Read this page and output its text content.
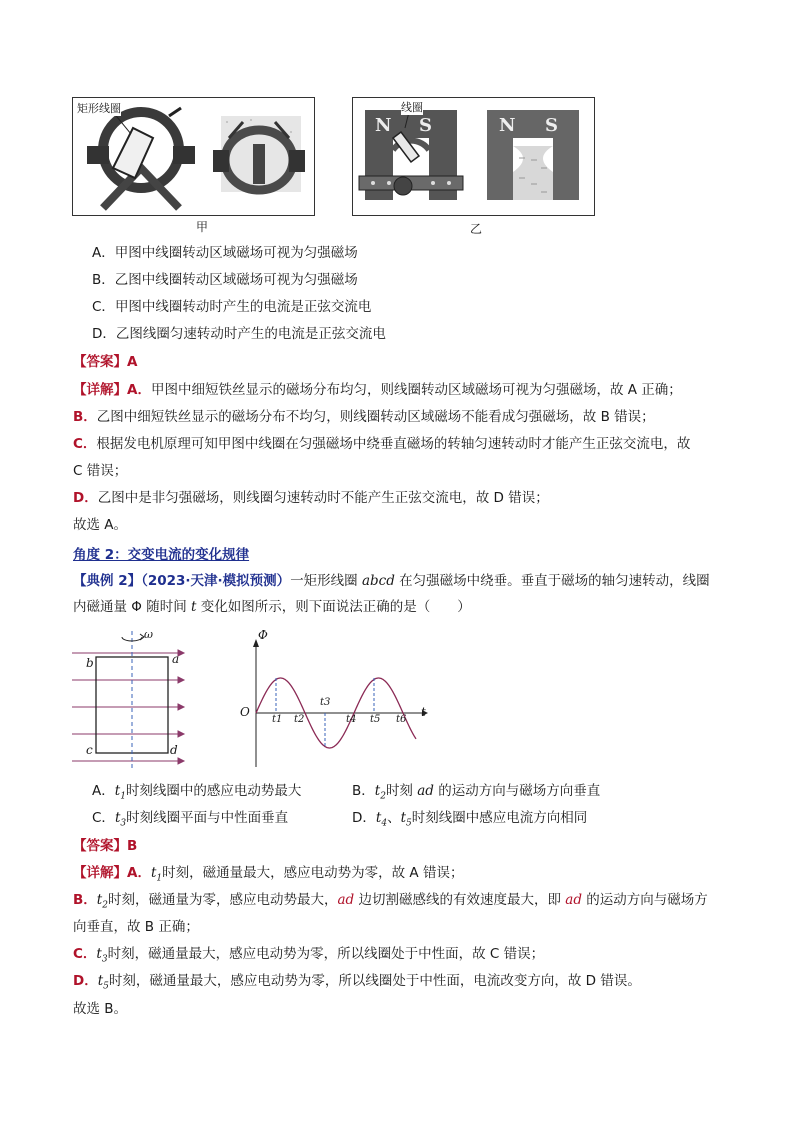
矩形线圈
甲
N S	N S
线圈
乙
A．甲图中线圈转动区域磁场可视为匀强磁场
B．乙图中线圈转动区域磁场可视为匀强磁场
C．甲图中线圈转动时产生的电流是正弦交流电
D．乙图线圈匀速转动时产生的电流是正弦交流电
【答案】A
【详解】A．甲图中细短铁丝显示的磁场分布均匀，则线圈转动区域磁场可视为匀强磁场，故 A 正确；
B．乙图中细短铁丝显示的磁场分布不均匀，则线圈转动区域磁场不能看成匀强磁场，故 B 错误；
C．根据发电机原理可知甲图中线圈在匀强磁场中绕垂直磁场的转轴匀速转动时才能产生正弦交流电，故
C 错误；
D．乙图中是非匀强磁场，则线圈匀速转动时不能产生正弦交流电，故 D 错误；
故选 A。
角度 2：交变电流的变化规律
【典例 2】（2023·天津·模拟预测）一矩形线圈 abcd 在匀强磁场中绕垂。垂直于磁场的轴匀速转动，线圈
内磁通量 Φ 随时间 t 变化如图所示，则下面说法正确的是（　　）
ω
a
b
c	d
Φ
t
O
t1 t2
t3
t4 t5 t6
A．$t_1$时刻线圈中的感应电动势最大	B．$t_2$时刻 ad 的运动方向与磁场方向垂直
C．$t_3$时刻线圈平面与中性面垂直	D．$t_4$、$t_5$时刻线圈中感应电流方向相同
【答案】B
【详解】A．$t_1$时刻，磁通量最大，感应电动势为零，故 A 错误；
B．$t_2$时刻，磁通量为零，感应电动势最大，ad 边切割磁感线的有效速度最大，即 ad 的运动方向与磁场方
向垂直，故 B 正确；
C．$t_3$时刻，磁通量最大，感应电动势为零，所以线圈处于中性面，故 C 错误；
D．$t_5$时刻，磁通量最大，感应电动势为零，所以线圈处于中性面，电流改变方向，故 D 错误。
故选 B。
